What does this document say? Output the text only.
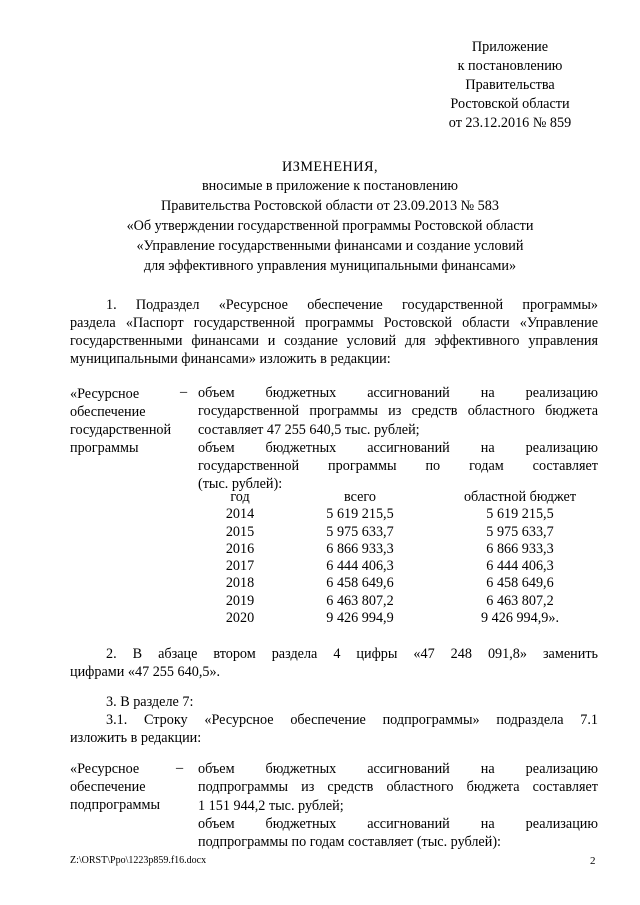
Приложение
к постановлению
Правительства
Ростовской области
от 23.12.2016 № 859
ИЗМЕНЕНИЯ,
вносимые в приложение к постановлению
Правительства Ростовской области от 23.09.2013 № 583
«Об утверждении государственной программы Ростовской области
«Управление государственными финансами и создание условий
для эффективного управления муниципальными финансами»
1. Подраздел «Ресурсное обеспечение государственной программы»
раздела «Паспорт государственной программы Ростовской области «Управление
государственными финансами и создание условий для эффективного управления
муниципальными финансами» изложить в редакции:
«Ресурсное
обеспечение
государственной
программы
– объем бюджетных ассигнований на реализацию
государственной программы из средств областного бюджета
составляет 47 255 640,5 тыс. рублей;
объем бюджетных ассигнований на реализацию
государственной программы по годам составляет
(тыс. рублей):
год	всего	областной бюджет
2014	5 619 215,5	5 619 215,5
2015	5 975 633,7	5 975 633,7
2016	6 866 933,3	6 866 933,3
2017	6 444 406,3	6 444 406,3
2018	6 458 649,6	6 458 649,6
2019	6 463 807,2	6 463 807,2
2020	9 426 994,9	9 426 994,9».
2. В абзаце втором раздела 4 цифры «47 248 091,8» заменить
цифрами «47 255 640,5».
3. В разделе 7:
3.1. Строку «Ресурсное обеспечение подпрограммы» подраздела 7.1
изложить в редакции:
«Ресурсное
обеспечение
подпрограммы
– объем бюджетных ассигнований на реализацию
подпрограммы из средств областного бюджета составляет
1 151 944,2 тыс. рублей;
объем бюджетных ассигнований на реализацию
подпрограммы по годам составляет (тыс. рублей):
Z:\ORST\Ppo\1223p859.f16.docx	2
